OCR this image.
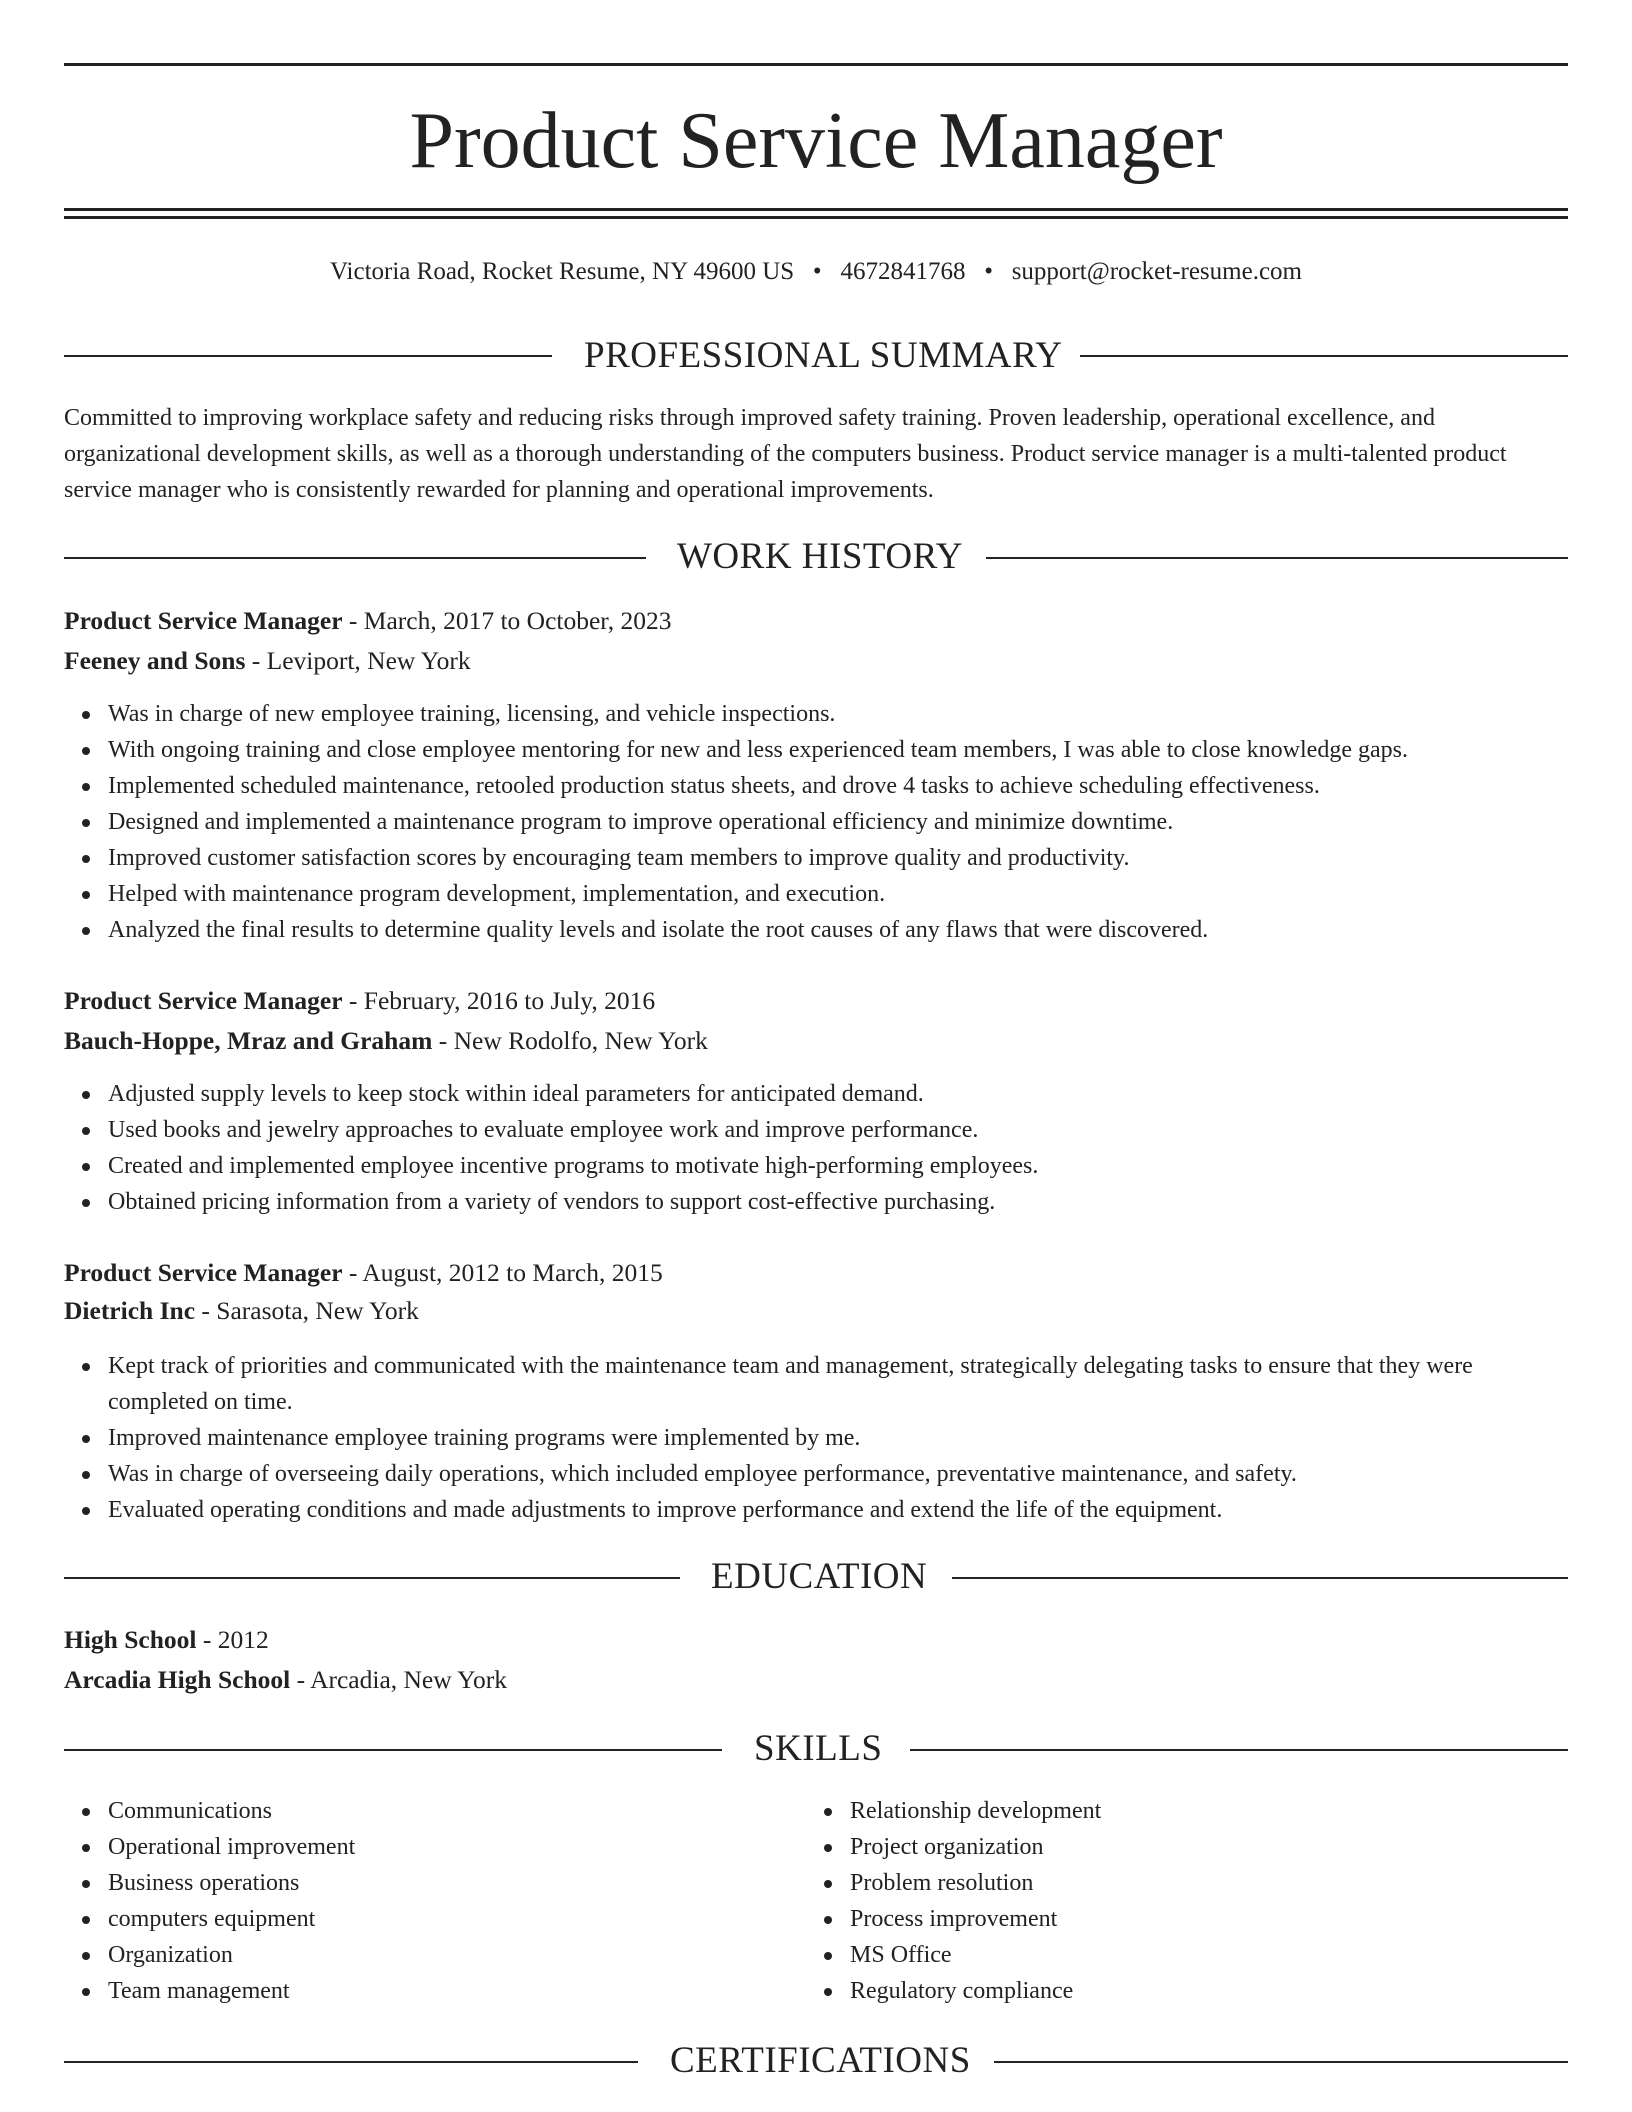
Product Service Manager
Victoria Road, Rocket Resume, NY 49600 US • 4672841768 • support@rocket-resume.com
PROFESSIONAL SUMMARY
Committed to improving workplace safety and reducing risks through improved safety training. Proven leadership, operational excellence, and organizational development skills, as well as a thorough understanding of the computers business. Product service manager is a multi-talented product service manager who is consistently rewarded for planning and operational improvements.
WORK HISTORY
Product Service Manager - March, 2017 to October, 2023
Feeney and Sons - Leviport, New York
Was in charge of new employee training, licensing, and vehicle inspections.
With ongoing training and close employee mentoring for new and less experienced team members, I was able to close knowledge gaps.
Implemented scheduled maintenance, retooled production status sheets, and drove 4 tasks to achieve scheduling effectiveness.
Designed and implemented a maintenance program to improve operational efficiency and minimize downtime.
Improved customer satisfaction scores by encouraging team members to improve quality and productivity.
Helped with maintenance program development, implementation, and execution.
Analyzed the final results to determine quality levels and isolate the root causes of any flaws that were discovered.
Product Service Manager - February, 2016 to July, 2016
Bauch-Hoppe, Mraz and Graham - New Rodolfo, New York
Adjusted supply levels to keep stock within ideal parameters for anticipated demand.
Used books and jewelry approaches to evaluate employee work and improve performance.
Created and implemented employee incentive programs to motivate high-performing employees.
Obtained pricing information from a variety of vendors to support cost-effective purchasing.
Product Service Manager - August, 2012 to March, 2015
Dietrich Inc - Sarasota, New York
Kept track of priorities and communicated with the maintenance team and management, strategically delegating tasks to ensure that they were completed on time.
Improved maintenance employee training programs were implemented by me.
Was in charge of overseeing daily operations, which included employee performance, preventative maintenance, and safety.
Evaluated operating conditions and made adjustments to improve performance and extend the life of the equipment.
EDUCATION
High School - 2012
Arcadia High School - Arcadia, New York
SKILLS
Communications
Operational improvement
Business operations
computers equipment
Organization
Team management
Relationship development
Project organization
Problem resolution
Process improvement
MS Office
Regulatory compliance
CERTIFICATIONS
